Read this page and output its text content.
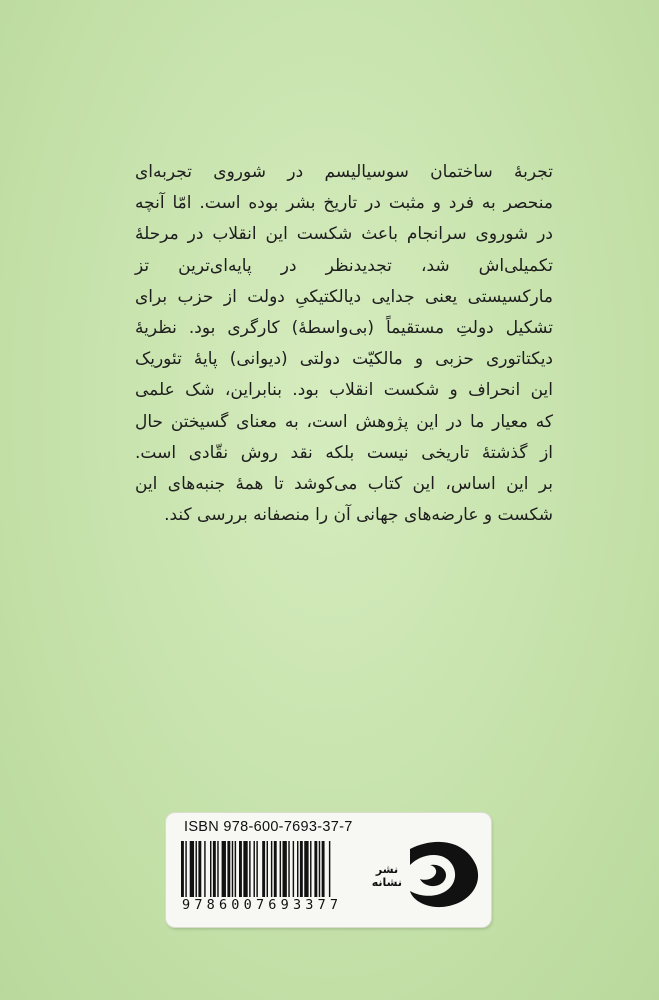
تجربهٔ ساختمان سوسیالیسم در شوروی تجربه‌ای
منحصر به فرد و مثبت در تاریخ بشر بوده است. امّا آنچه
در شوروی سرانجام باعث شکست این انقلاب در مرحلهٔ
تکمیلی‌اش شد، تجدیدنظر در پایه‌ای‌ترین تز
مارکسیستی یعنی جدایی دیالکتیکیِ دولت از حزب برای
تشکیل دولتِ مستقیماً (بی‌واسطهٔ) کارگری بود. نظریهٔ
دیکتاتوری حزبی و مالکیّت دولتی (دیوانی) پایهٔ تئوریک
این انحراف و شکست انقلاب بود. بنابراین، شک علمی
که معیار ما در این پژوهش است، به معنای گسیختن حال
از گذشتهٔ تاریخی نیست بلکه نقد روش نقّادی است.
بر این اساس، این کتاب می‌کوشد تا همهٔ جنبه‌های این
شکست و عارضه‌های جهانی آن را منصفانه بررسی کند.
ISBN 978-600-7693-37-7
9786007693377
نشر
نشانه
